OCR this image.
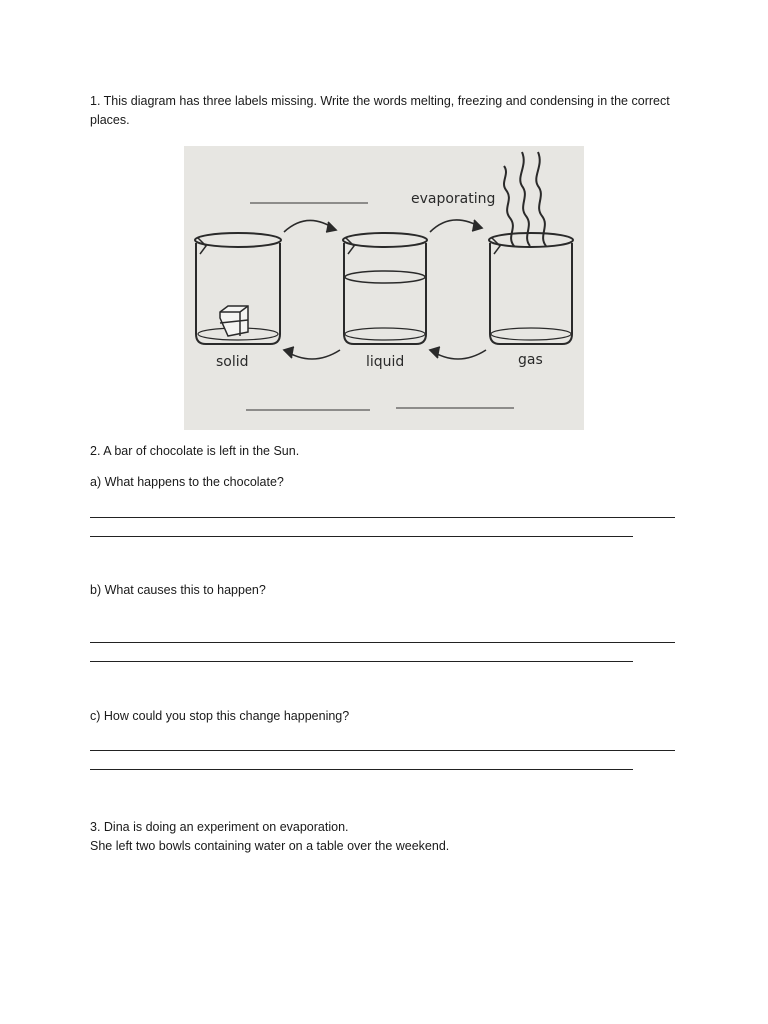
1. This diagram has three labels missing. Write the words melting, freezing and condensing in the correct places.
evaporating
solid	liquid	gas
2. A bar of chocolate is left in the Sun.
a) What happens to the chocolate?
b) What causes this to happen?
c) How could you stop this change happening?
3. Dina is doing an experiment on evaporation.
She left two bowls containing water on a table over the weekend.
